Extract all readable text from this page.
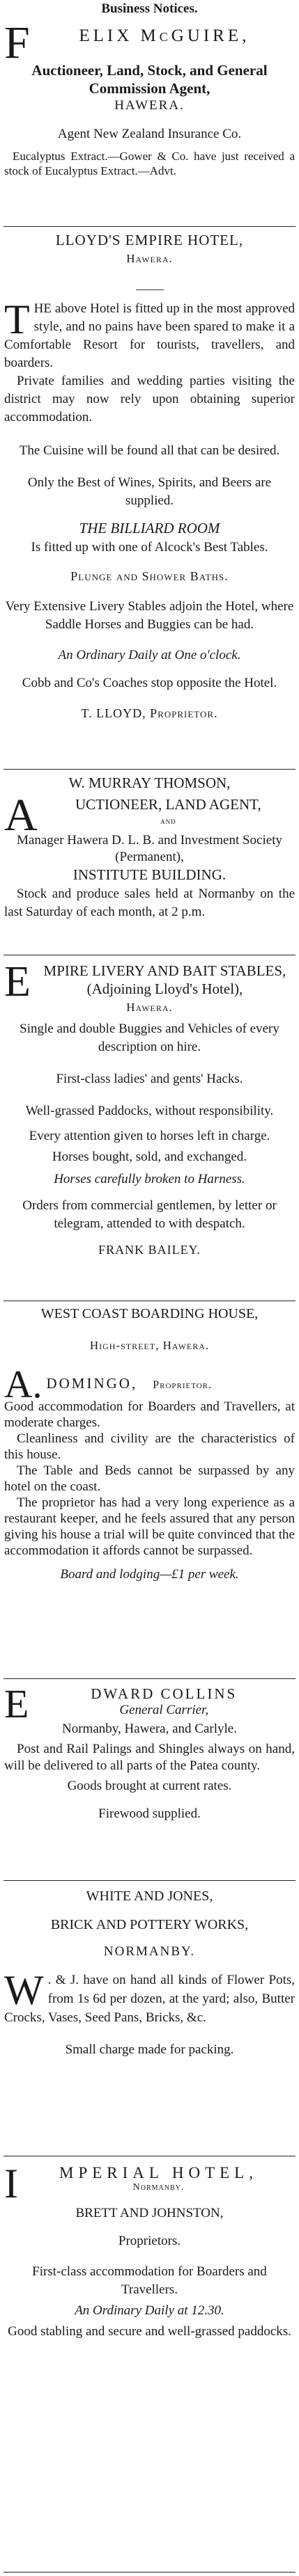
Business Notices.
F	ELIX McGUIRE,
Auctioneer, Land, Stock, and General
Commission Agent,
HAWERA.
Agent New Zealand Insurance Co.
Eucalyptus Extract.—Gower & Co. have just received a stock of Eucalyptus Extract.—Advt.
LLOYD'S EMPIRE HOTEL,
Hawera.
T HE above Hotel is fitted up in the most approved style, and no pains have been spared to make it a Comfortable Resort for tourists, travellers, and boarders.
Private families and wedding parties visiting the district may now rely upon obtaining superior accommodation.
The Cuisine will be found all that can be desired.
Only the Best of Wines, Spirits, and Beers are supplied.
THE BILLIARD ROOM
Is fitted up with one of Alcock's Best Tables.
Plunge and Shower Baths.
Very Extensive Livery Stables adjoin the Hotel, where Saddle Horses and Buggies can be had.
An Ordinary Daily at One o'clock.
Cobb and Co's Coaches stop opposite the Hotel.
T. LLOYD, Proprietor.
W. MURRAY THOMSON,
A	UCTIONEER, LAND AGENT,
and
Manager Hawera D. L. B. and Investment Society (Permanent),
INSTITUTE BUILDING.
Stock and produce sales held at Normanby on the last Saturday of each month, at 2 p.m.
E MPIRE LIVERY AND BAIT STABLES,
(Adjoining Lloyd's Hotel),
Hawera.
Single and double Buggies and Vehicles of every description on hire.
First-class ladies' and gents' Hacks.
Well-grassed Paddocks, without responsibility.
Every attention given to horses left in charge.
Horses bought, sold, and exchanged.
Horses carefully broken to Harness.
Orders from commercial gentlemen, by letter or telegram, attended to with despatch.
FRANK BAILEY.
WEST COAST BOARDING HOUSE,
High-street, Hawera.
A. DOMINGO, Proprietor.
Good accommodation for Boarders and Travellers, at moderate charges.
Cleanliness and civility are the characteristics of this house.
The Table and Beds cannot be surpassed by any hotel on the coast.
The proprietor has had a very long experience as a restaurant keeper, and he feels assured that any person giving his house a trial will be quite convinced that the accommodation it affords cannot be surpassed.
Board and lodging—£1 per week.
E	DWARD COLLINS
General Carrier,
Normanby, Hawera, and Carlyle.
Post and Rail Palings and Shingles always on hand, will be delivered to all parts of the Patea county.
Goods brought at current rates.
Firewood supplied.
WHITE AND JONES,
BRICK AND POTTERY WORKS,
NORMANBY.
W . & J. have on hand all kinds of Flower Pots, from 1s 6d per dozen, at the yard; also, Butter Crocks, Vases, Seed Pans, Bricks, &c.
Small charge made for packing.
I	MPERIAL HOTEL,
Normanby.
BRETT AND JOHNSTON,
Proprietors.
First-class accommodation for Boarders and Travellers.
An Ordinary Daily at 12.30.
Good stabling and secure and well-grassed paddocks.
